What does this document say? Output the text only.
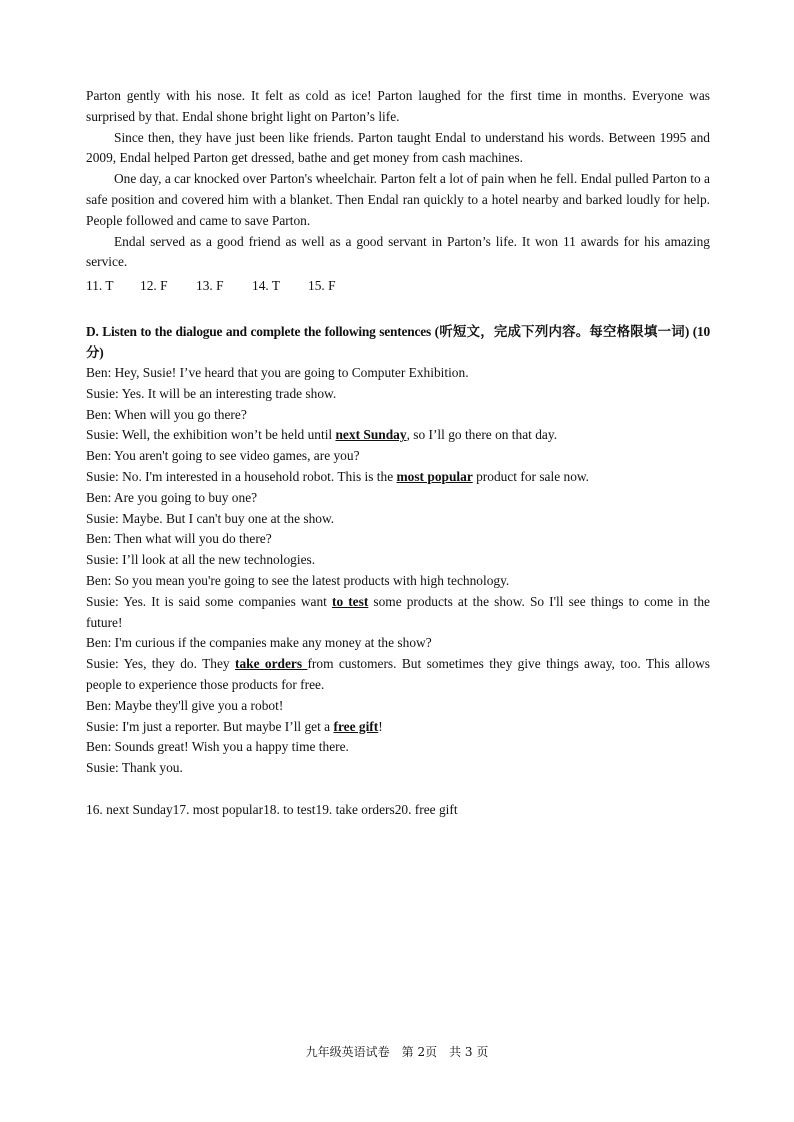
Parton gently with his nose. It felt as cold as ice! Parton laughed for the first time in months. Everyone was surprised by that. Endal shone bright light on Parton’s life.

Since then, they have just been like friends. Parton taught Endal to understand his words. Between 1995 and 2009, Endal helped Parton get dressed, bathe and get money from cash machines.

One day, a car knocked over Parton's wheelchair. Parton felt a lot of pain when he fell. Endal pulled Parton to a safe position and covered him with a blanket. Then Endal ran quickly to a hotel nearby and barked loudly for help. People followed and came to save Parton.

Endal served as a good friend as well as a good servant in Parton’s life. It won 11 awards for his amazing service.

11. T 12. F 13. F 14. T 15. F

D. Listen to the dialogue and complete the following sentences (听短文，完成下列内容。每空格限填一词) (10分)

Ben: Hey, Susie! I’ve heard that you are going to Computer Exhibition.

Susie: Yes. It will be an interesting trade show.

Ben: When will you go there?

Susie: Well, the exhibition won’t be held until next Sunday, so I’ll go there on that day.

Ben: You aren't going to see video games, are you?

Susie: No. I'm interested in a household robot. This is the most popular product for sale now.

Ben: Are you going to buy one?

Susie: Maybe. But I can't buy one at the show.

Ben: Then what will you do there?

Susie: I’ll look at all the new technologies.

Ben: So you mean you're going to see the latest products with high technology.

Susie: Yes. It is said some companies want to test some products at the show. So I'll see things to come in the future!

Ben: I'm curious if the companies make any money at the show?

Susie: Yes, they do. They take orders from customers. But sometimes they give things away, too. This allows people to experience those products for free.

Ben: Maybe they'll give you a robot!

Susie: I'm just a reporter. But maybe I’ll get a free gift!

Ben: Sounds great! Wish you a happy time there.

Susie: Thank you.

16. next Sunday17. most popular18. to test19. take orders20. free gift

九年级英语试卷　第 2页　共 3 页
